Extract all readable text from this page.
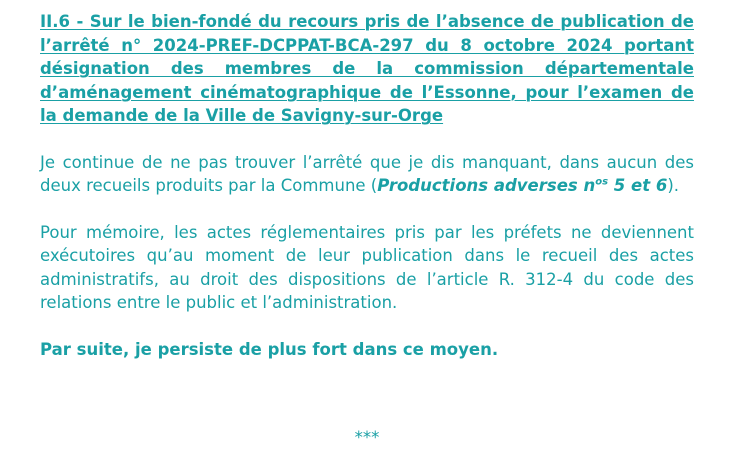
II.6 - Sur le bien-fondé du recours pris de l’absence de publication de l’arrêté n° 2024-PREF-DCPPAT-BCA-297 du 8 octobre 2024 portant désignation des membres de la commission départementale d’aménagement cinématographique de l’Essonne, pour l’examen de la demande de la Ville de Savigny-sur-Orge

Je continue de ne pas trouver l’arrêté que je dis manquant, dans aucun des deux recueils produits par la Commune (Productions adverses $n^{os}$ 5 et 6).

Pour mémoire, les actes réglementaires pris par les préfets ne deviennent exécutoires qu’au moment de leur publication dans le recueil des actes administratifs, au droit des dispositions de l’article R. 312-4 du code des relations entre le public et l’administration.

Par suite, je persiste de plus fort dans ce moyen.

***
